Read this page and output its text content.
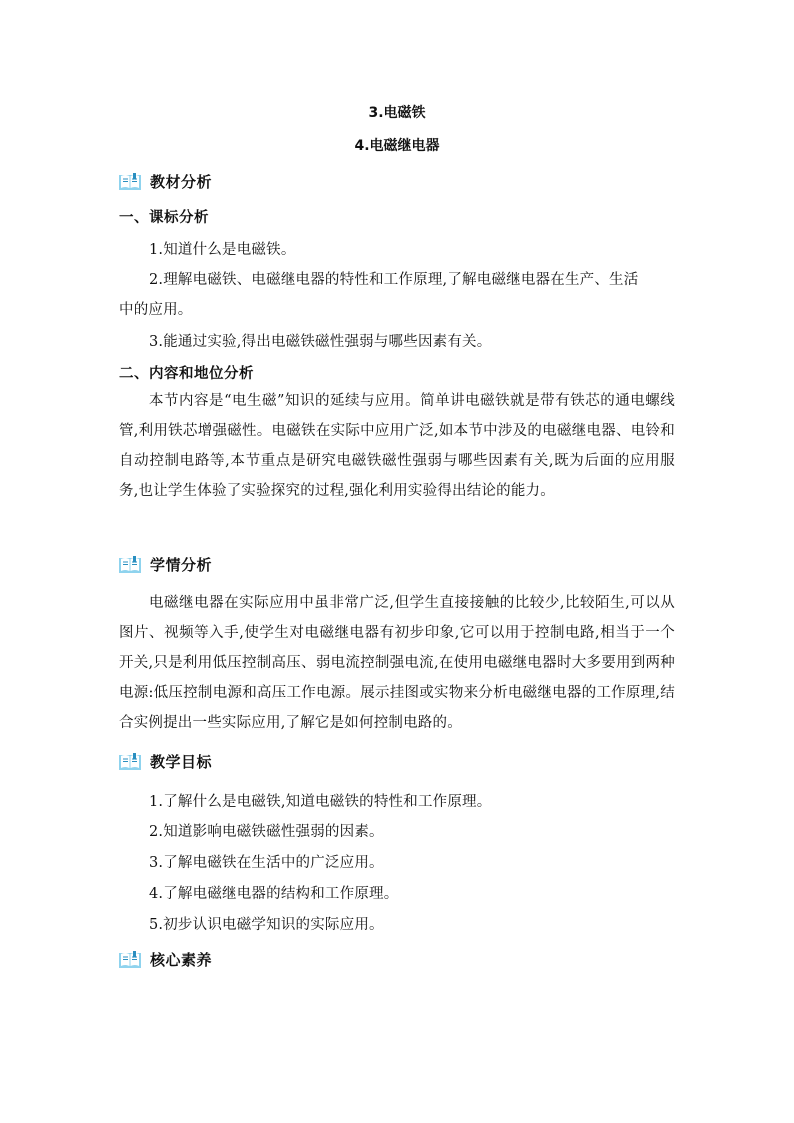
3.电磁铁
4.电磁继电器
教材分析
一、课标分析
1.知道什么是电磁铁。
2.理解电磁铁、电磁继电器的特性和工作原理,了解电磁继电器在生产、生活
中的应用。
3.能通过实验,得出电磁铁磁性强弱与哪些因素有关。
二、内容和地位分析
本节内容是“电生磁”知识的延续与应用。简单讲电磁铁就是带有铁芯的通电螺线管,利用铁芯增强磁性。电磁铁在实际中应用广泛,如本节中涉及的电磁继电器、电铃和自动控制电路等,本节重点是研究电磁铁磁性强弱与哪些因素有关,既为后面的应用服务,也让学生体验了实验探究的过程,强化利用实验得出结论的能力。
学情分析
电磁继电器在实际应用中虽非常广泛,但学生直接接触的比较少,比较陌生,可以从图片、视频等入手,使学生对电磁继电器有初步印象,它可以用于控制电路,相当于一个开关,只是利用低压控制高压、弱电流控制强电流,在使用电磁继电器时大多要用到两种电源:低压控制电源和高压工作电源。展示挂图或实物来分析电磁继电器的工作原理,结合实例提出一些实际应用,了解它是如何控制电路的。
教学目标
1.了解什么是电磁铁,知道电磁铁的特性和工作原理。
2.知道影响电磁铁磁性强弱的因素。
3.了解电磁铁在生活中的广泛应用。
4.了解电磁继电器的结构和工作原理。
5.初步认识电磁学知识的实际应用。
核心素养
